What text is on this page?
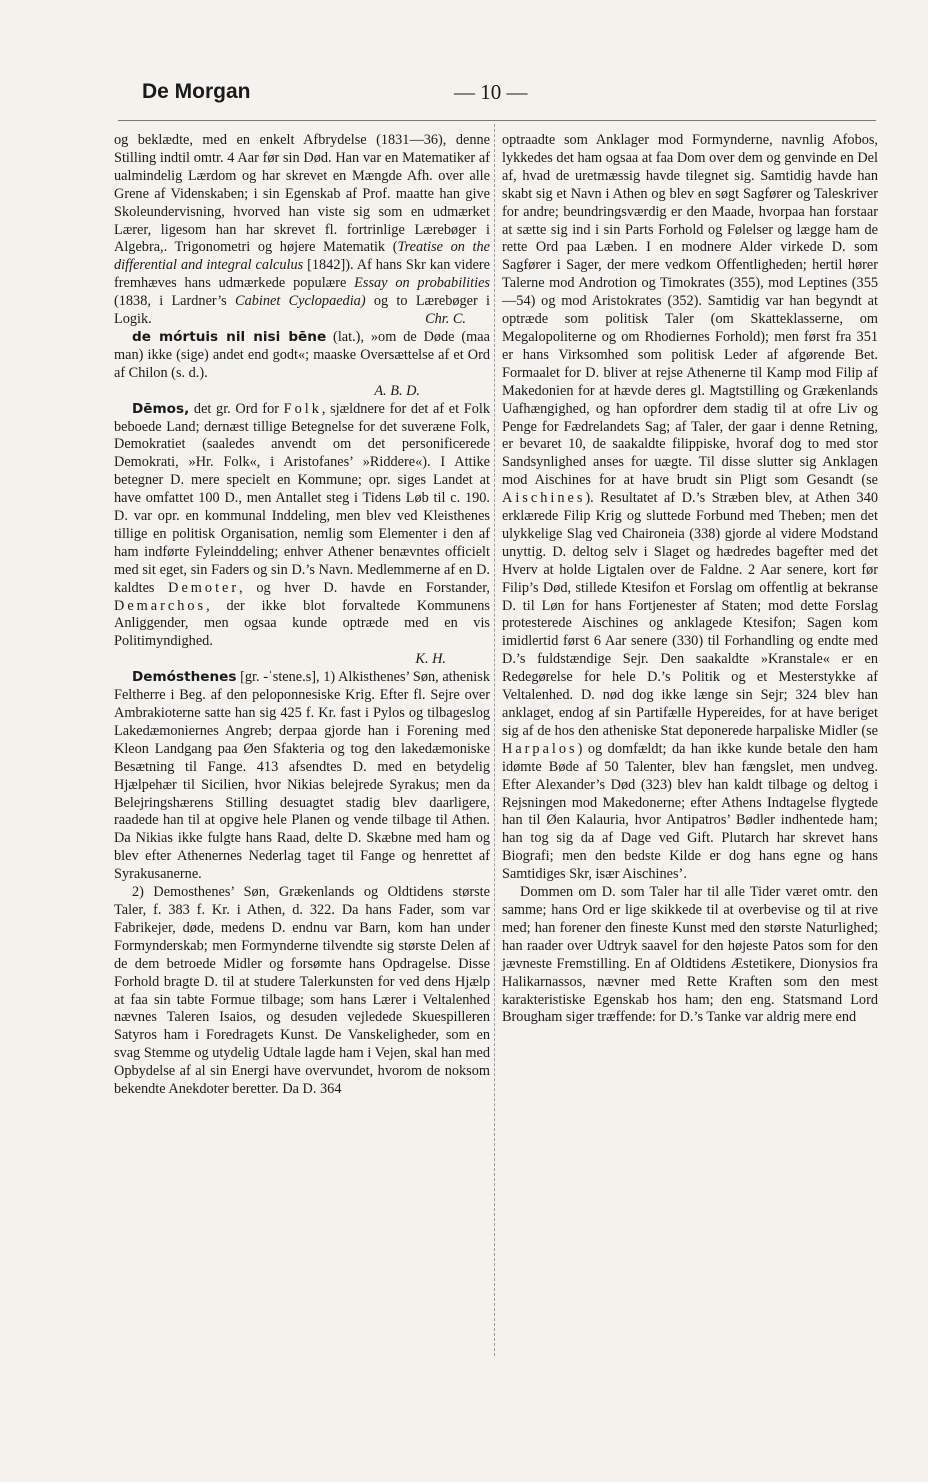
De Morgan	— 10 —

og beklædte, med en enkelt Afbrydelse (1831—36), denne Stilling indtil omtr. 4 Aar før sin Død. Han var en Matematiker af ualmindelig Lærdom og har skrevet en Mængde Afh. over alle Grene af Videnskaben; i sin Egenskab af Prof. maatte han give Skoleundervisning, hvorved han viste sig som en udmærket Lærer, ligesom han har skrevet fl. fortrinlige Lærebøger i Algebra,. Trigonometri og højere Matematik (Treatise on the differential and integral calculus [1842]). Af hans Skr kan videre fremhæves hans udmærkede populære Essay on probabilities (1838, i Lardner’s Cabinet Cyclopaedia) og to Lærebøger i Logik.	Chr. C.

de mórtuis nil nisi bēne (lat.), »om de Døde (maa man) ikke (sige) andet end godt«; maaske Oversættelse af et Ord af Chilon (s. d.).

A. B. D.

Dēmos, det gr. Ord for Folk, sjældnere for det af et Folk beboede Land; dernæst tillige Betegnelse for det suveræne Folk, Demokratiet (saaledes anvendt om det personificerede Demokrati, »Hr. Folk«, i Aristofanes’ »Riddere«). I Attike betegner D. mere specielt en Kommune; opr. siges Landet at have omfattet 100 D., men Antallet steg i Tidens Løb til c. 190. D. var opr. en kommunal Inddeling, men blev ved Kleisthenes tillige en politisk Organisation, nemlig som Elementer i den af ham indførte Fyleinddeling; enhver Athener benævntes officielt med sit eget, sin Faders og sin D.’s Navn. Medlemmerne af en D. kaldtes Demoter, og hver D. havde en Forstander, Demarchos, der ikke blot forvaltede Kommunens Anliggender, men ogsaa kunde optræde med en vis Politimyndighed.

K. H.

Demósthenes [gr. -ˈstene.s], 1) Alkisthenes’ Søn, athenisk Feltherre i Beg. af den peloponnesiske Krig. Efter fl. Sejre over Ambrakioterne satte han sig 425 f. Kr. fast i Pylos og tilbageslog Lakedæmoniernes Angreb; derpaa gjorde han i Forening med Kleon Landgang paa Øen Sfakteria og tog den lakedæmoniske Besætning til Fange. 413 afsendtes D. med en betydelig Hjælpehær til Sicilien, hvor Nikias belejrede Syrakus; men da Belejringshærens Stilling desuagtet stadig blev daarligere, raadede han til at opgive hele Planen og vende tilbage til Athen. Da Nikias ikke fulgte hans Raad, delte D. Skæbne med ham og blev efter Athenernes Nederlag taget til Fange og henrettet af Syrakusanerne.

2) Demosthenes’ Søn, Grækenlands og Oldtidens største Taler, f. 383 f. Kr. i Athen, d. 322. Da hans Fader, som var Fabrikejer, døde, medens D. endnu var Barn, kom han under Formynderskab; men Formynderne tilvendte sig største Delen af de dem betroede Midler og forsømte hans Opdragelse. Disse Forhold bragte D. til at studere Talerkunsten for ved dens Hjælp at faa sin tabte Formue tilbage; som hans Lærer i Veltalenhed nævnes Taleren Isaios, og desuden vejledede Skuespilleren Satyros ham i Foredragets Kunst. De Vanskeligheder, som en svag Stemme og utydelig Udtale lagde ham i Vejen, skal han med Opbydelse af al sin Energi have overvundet, hvorom de noksom bekendte Anekdoter beretter. Da D. 364

optraadte som Anklager mod Formynderne, navnlig Afobos, lykkedes det ham ogsaa at faa Dom over dem og genvinde en Del af, hvad de uretmæssig havde tilegnet sig. Samtidig havde han skabt sig et Navn i Athen og blev en søgt Sagfører og Taleskriver for andre; beundringsværdig er den Maade, hvorpaa han forstaar at sætte sig ind i sin Parts Forhold og Følelser og lægge ham de rette Ord paa Læben. I en modnere Alder virkede D. som Sagfører i Sager, der mere vedkom Offentligheden; hertil hører Talerne mod Androtion og Timokrates (355), mod Leptines (355—54) og mod Aristokrates (352). Samtidig var han begyndt at optræde som politisk Taler (om Skatteklasserne, om Megalopoliterne og om Rhodiernes Forhold); men først fra 351 er hans Virksomhed som politisk Leder af afgørende Bet. Formaalet for D. bliver at rejse Athenerne til Kamp mod Filip af Makedonien for at hævde deres gl. Magtstilling og Grækenlands Uafhængighed, og han opfordrer dem stadig til at ofre Liv og Penge for Fædrelandets Sag; af Taler, der gaar i denne Retning, er bevaret 10, de saakaldte filippiske, hvoraf dog to med stor Sandsynlighed anses for uægte. Til disse slutter sig Anklagen mod Aischines for at have brudt sin Pligt som Gesandt (se Aischines). Resultatet af D.’s Stræben blev, at Athen 340 erklærede Filip Krig og sluttede Forbund med Theben; men det ulykkelige Slag ved Chaironeia (338) gjorde al videre Modstand unyttig. D. deltog selv i Slaget og hædredes bagefter med det Hverv at holde Ligtalen over de Faldne. 2 Aar senere, kort før Filip’s Død, stillede Ktesifon et Forslag om offentlig at bekranse D. til Løn for hans Fortjenester af Staten; mod dette Forslag protesterede Aischines og anklagede Ktesifon; Sagen kom imidlertid først 6 Aar senere (330) til Forhandling og endte med D.’s fuldstændige Sejr. Den saakaldte »Kranstale« er en Redegørelse for hele D.’s Politik og et Mesterstykke af Veltalenhed. D. nød dog ikke længe sin Sejr; 324 blev han anklaget, endog af sin Partifælle Hypereides, for at have beriget sig af de hos den atheniske Stat deponerede harpaliske Midler (se Harpalos) og domfældt; da han ikke kunde betale den ham idømte Bøde af 50 Talenter, blev han fængslet, men undveg. Efter Alexander’s Død (323) blev han kaldt tilbage og deltog i Rejsningen mod Makedonerne; efter Athens Indtagelse flygtede han til Øen Kalauria, hvor Antipatros’ Bødler indhentede ham; han tog sig da af Dage ved Gift. Plutarch har skrevet hans Biografi; men den bedste Kilde er dog hans egne og hans Samtidiges Skr, især Aischines’.

Dommen om D. som Taler har til alle Tider været omtr. den samme; hans Ord er lige skikkede til at overbevise og til at rive med; han forener den fineste Kunst med den største Naturlighed; han raader over Udtryk saavel for den højeste Patos som for den jævneste Fremstilling. En af Oldtidens Æstetikere, Dionysios fra Halikarnassos, nævner med Rette Kraften som den mest karakteristiske Egenskab hos ham; den eng. Statsmand Lord Brougham siger træffende: for D.’s Tanke var aldrig mere end
